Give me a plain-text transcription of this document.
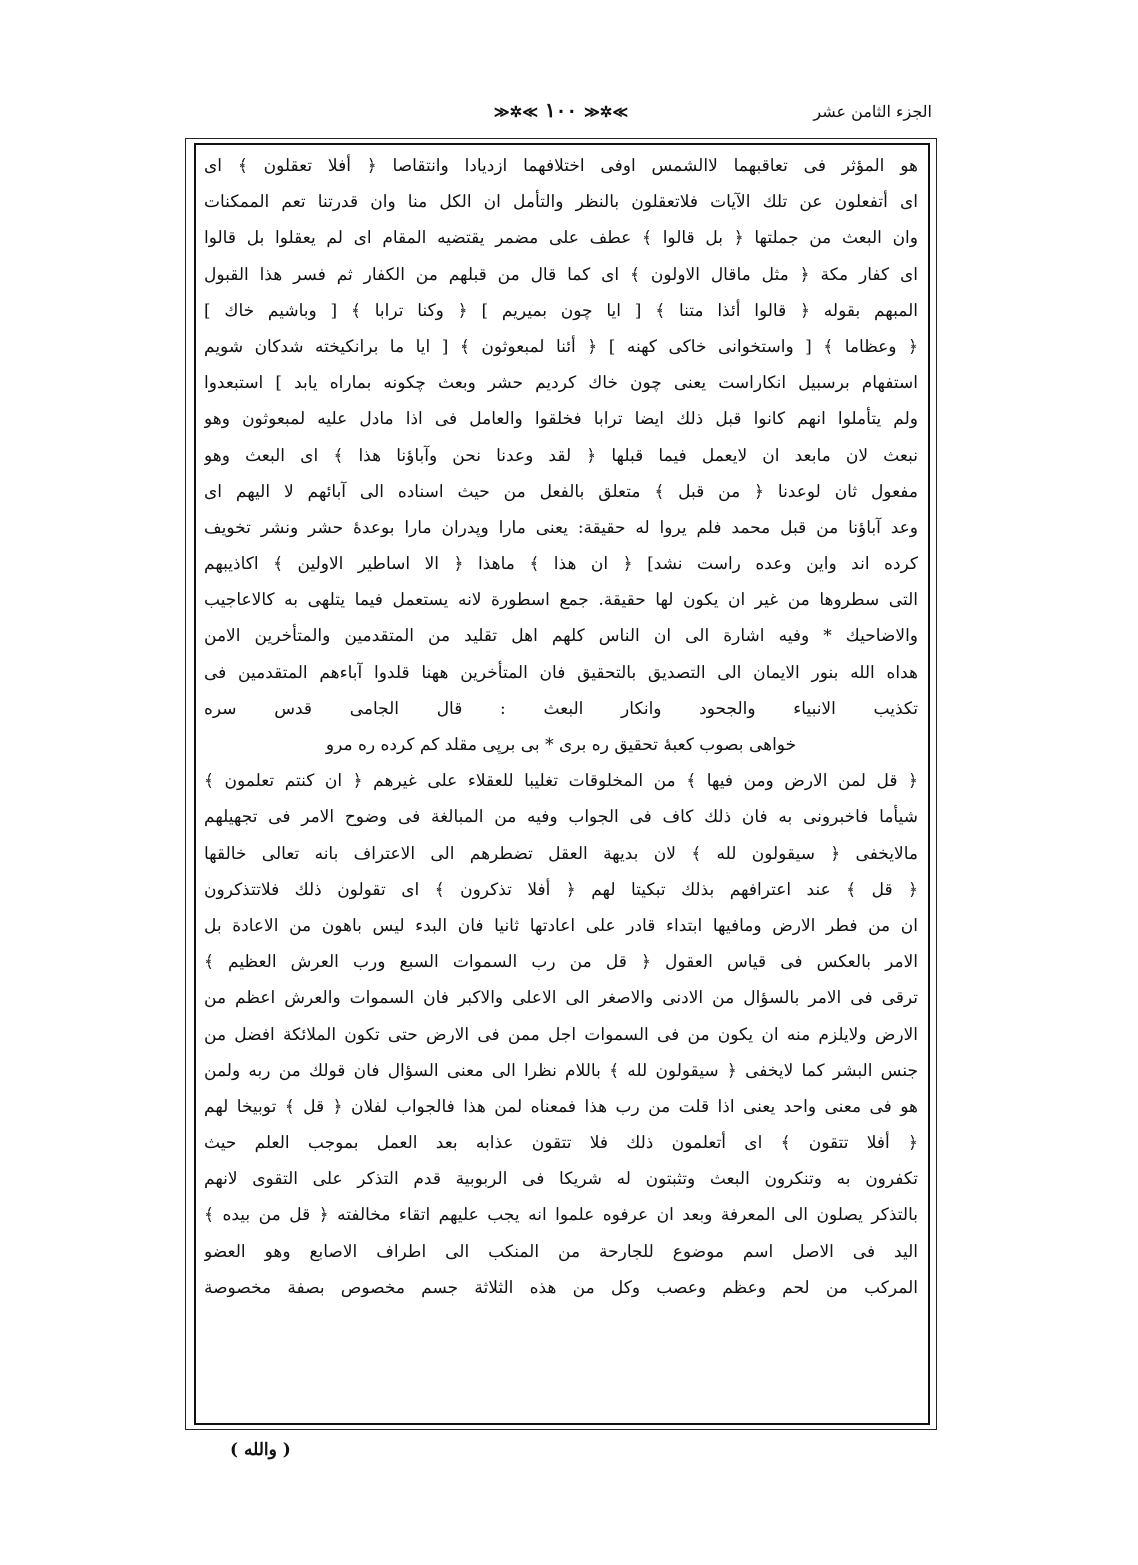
الجزء الثامن عشر
≫✲≪ ١٠٠ ≫✲≪
هو المؤثر فى تعاقبهما لاالشمس اوفى اختلافهما ازديادا وانتقاصا ﴿ أفلا تعقلون ﴾ اى
اى أتفعلون عن تلك الآيات فلاتعقلون بالنظر والتأمل ان الكل منا وان قدرتنا تعم الممكنات
وان البعث من جملتها ﴿ بل قالوا ﴾ عطف على مضمر يقتضيه المقام اى لم يعقلوا بل قالوا
اى كفار مكة ﴿ مثل ماقال الاولون ﴾ اى كما قال من قبلهم من الكفار ثم فسر هذا القبول
المبهم بقوله ﴿ قالوا أئذا متنا ﴾ [ ايا چون بميريم ] ﴿ وكنا ترابا ﴾ [ وباشيم خاك ]
﴿ وعظاما ﴾ [ واستخوانى خاكى كهنه ] ﴿ أئنا لمبعوثون ﴾ [ ايا ما برانكيخته شدكان شويم
استفهام برسبيل انكاراست يعنى چون خاك كرديم حشر وبعث چكونه بماراه يابد ] استبعدوا
ولم يتأملوا انهم كانوا قبل ذلك ايضا ترابا فخلقوا والعامل فى اذا مادل عليه لمبعوثون وهو
نبعث لان مابعد ان لايعمل فيما قبلها ﴿ لقد وعدنا نحن وآباؤنا هذا ﴾ اى البعث وهو
مفعول ثان لوعدنا ﴿ من قبل ﴾ متعلق بالفعل من حيث اسناده الى آبائهم لا اليهم اى
وعد آباؤنا من قبل محمد فلم يروا له حقيقة: يعنى مارا وپدران مارا بوعدهٔ حشر ونشر تخويف
كرده اند واين وعده راست نشد] ﴿ ان هذا ﴾ ماهذا ﴿ الا اساطير الاولين ﴾ اكاذيبهم
التى سطروها من غير ان يكون لها حقيقة. جمع اسطورة لانه يستعمل فيما يتلهى به كالاعاجيب
والاضاحيك * وفيه اشارة الى ان الناس كلهم اهل تقليد من المتقدمين والمتأخرين الامن
هداه الله بنور الايمان الى التصديق بالتحقيق فان المتأخرين ههنا قلدوا آباءهم المتقدمين فى
تكذيب الانبياء والجحود وانكار البعث : قال الجامى قدس سره
خواهى بصوب كعبهٔ تحقيق ره برى * بى برپى مقلد كم كرده ره مرو
﴿ قل لمن الارض ومن فيها ﴾ من المخلوقات تغليبا للعقلاء على غيرهم ﴿ ان كنتم تعلمون ﴾
شيأما فاخبرونى به فان ذلك كاف فى الجواب وفيه من المبالغة فى وضوح الامر فى تجهيلهم
مالايخفى ﴿ سيقولون لله ﴾ لان بديهة العقل تضطرهم الى الاعتراف بانه تعالى خالقها
﴿ قل ﴾ عند اعترافهم بذلك تبكيتا لهم ﴿ أفلا تذكرون ﴾ اى تقولون ذلك فلاتتذكرون
ان من فطر الارض ومافيها ابتداء قادر على اعادتها ثانيا فان البدء ليس باهون من الاعادة بل
الامر بالعكس فى قياس العقول ﴿ قل من رب السموات السبع ورب العرش العظيم ﴾
ترقى فى الامر بالسؤال من الادنى والاصغر الى الاعلى والاكبر فان السموات والعرش اعظم من
الارض ولايلزم منه ان يكون من فى السموات اجل ممن فى الارض حتى تكون الملائكة افضل من
جنس البشر كما لايخفى ﴿ سيقولون لله ﴾ باللام نظرا الى معنى السؤال فان قولك من ربه ولمن
هو فى معنى واحد يعنى اذا قلت من رب هذا فمعناه لمن هذا فالجواب لفلان ﴿ قل ﴾ توبيخا لهم
﴿ أفلا تتقون ﴾ اى أتعلمون ذلك فلا تتقون عذابه بعد العمل بموجب العلم حيث
تكفرون به وتنكرون البعث وتثبتون له شريكا فى الربوبية قدم التذكر على التقوى لانهم
بالتذكر يصلون الى المعرفة وبعد ان عرفوه علموا انه يجب عليهم اتقاء مخالفته ﴿ قل من بيده ﴾
اليد فى الاصل اسم موضوع للجارحة من المنكب الى اطراف الاصابع وهو العضو
المركب من لحم وعظم وعصب وكل من هذه الثلاثة جسم مخصوص بصفة مخصوصة
( والله )
